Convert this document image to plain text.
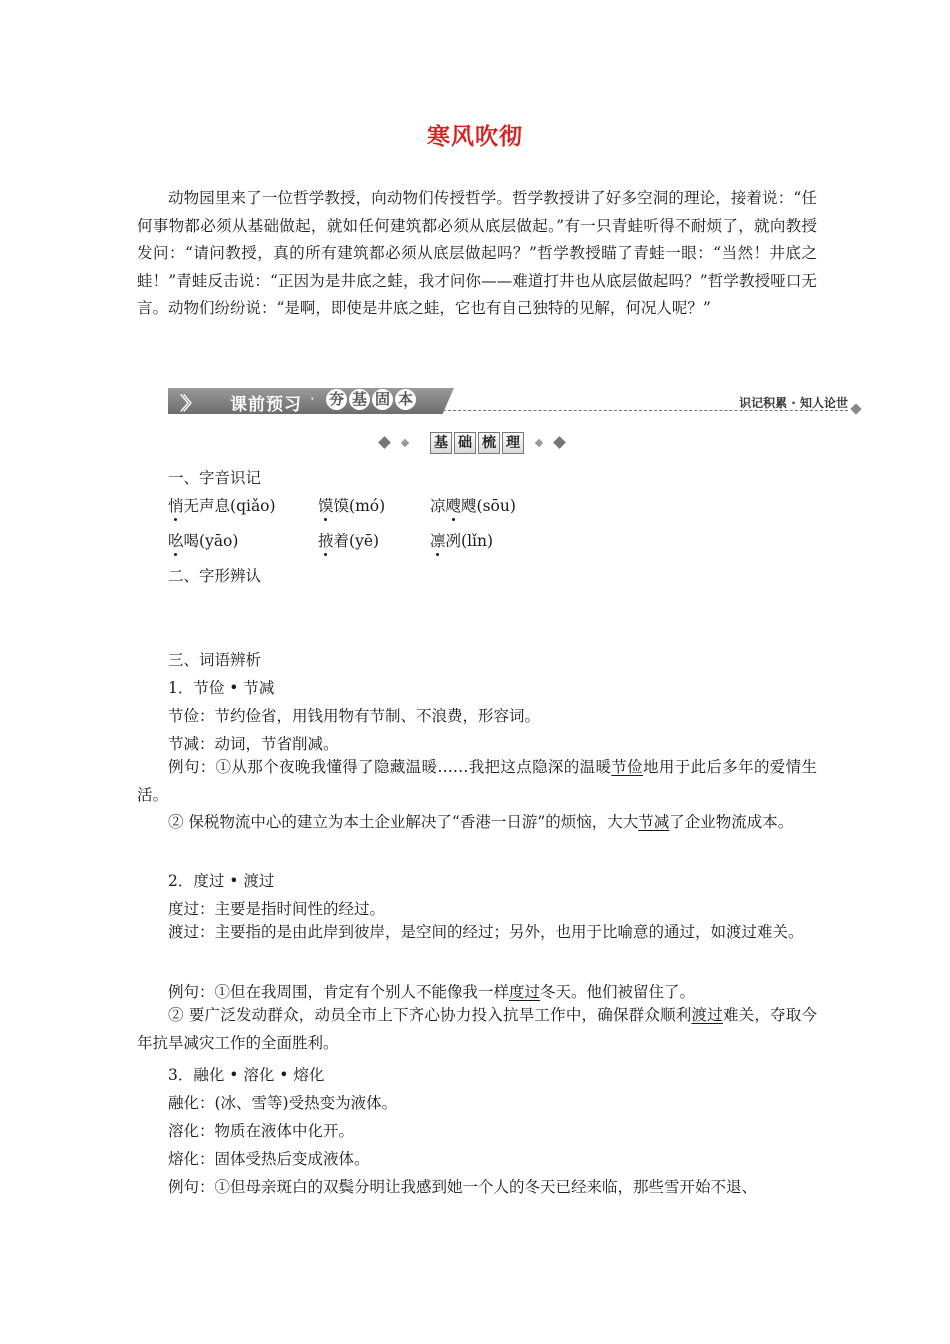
寒风吹彻

动物园里来了一位哲学教授，向动物们传授哲学。哲学教授讲了好多空洞的理论，接着说：“任何事物都必须从基础做起，就如任何建筑都必须从底层做起。”有一只青蛙听得不耐烦了，就向教授发问：“请问教授，真的所有建筑都必须从底层做起吗？”哲学教授瞄了青蛙一眼：“当然！井底之蛙！”青蛙反击说：“正因为是井底之蛙，我才问你——难道打井也从底层做起吗？”哲学教授哑口无言。动物们纷纷说：“是啊，即使是井底之蛙，它也有自己独特的见解，何况人呢？”

〉〉 课前预习 · 夯 基 固 本	识记积累 · 知人论世
基 础 梳 理
一、字音识记
悄无声息(qiǎo)	馍馍(mó)	凉飕飕(sōu)
吆喝(yāo)	掖着(yē)	凛冽(lǐn)
二、字形辨认
三、词语辨析
1．节俭 • 节减
节俭：节约俭省，用钱用物有节制、不浪费，形容词。
节减：动词，节省削减。

例句：①从那个夜晚我懂得了隐藏温暖……我把这点隐深的温暖节俭地用于此后多年的爱情生活。

② 保税物流中心的建立为本土企业解决了“香港一日游”的烦恼，大大节减了企业物流成本。

2．度过 • 渡过
度过：主要是指时间性的经过。

渡过：主要指的是由此岸到彼岸，是空间的经过；另外，也用于比喻意的通过，如渡过难关。

例句：①但在我周围，肯定有个别人不能像我一样度过冬天。他们被留住了。

② 要广泛发动群众，动员全市上下齐心协力投入抗旱工作中，确保群众顺利渡过难关，夺取今年抗旱减灾工作的全面胜利。

3．融化 • 溶化 • 熔化
融化：(冰、雪等)受热变为液体。
溶化：物质在液体中化开。
熔化：固体受热后变成液体。
例句：①但母亲斑白的双鬓分明让我感到她一个人的冬天已经来临，那些雪开始不退、
